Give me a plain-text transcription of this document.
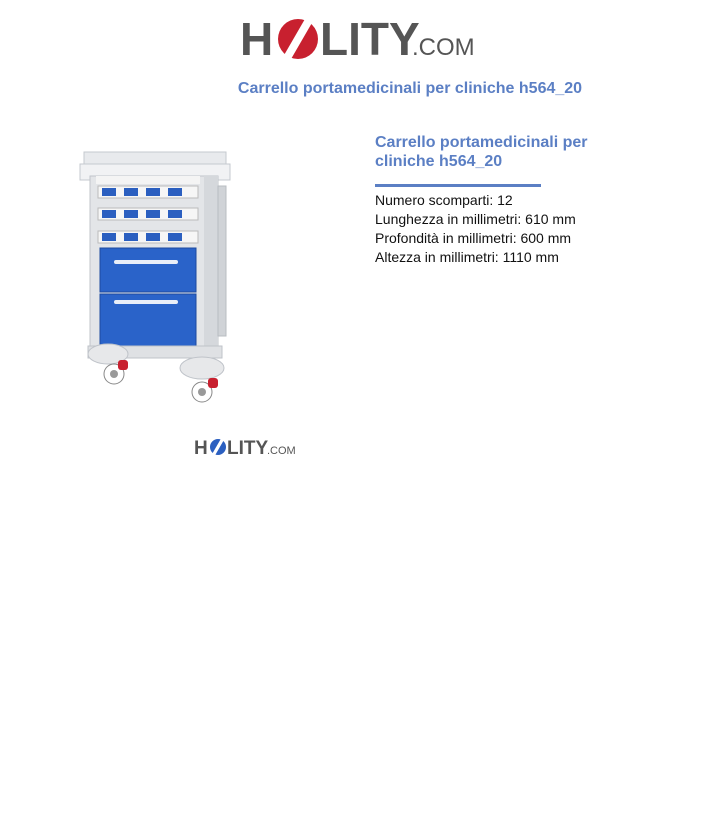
H LITY
.COM
Carrello portamedicinali per cliniche h564_20
H LITY
.COM
Carrello portamedicinali per
cliniche h564_20
Numero scomparti: 12
Lunghezza in millimetri: 610 mm
Profondità in millimetri: 600 mm
Altezza in millimetri: 1110 mm
